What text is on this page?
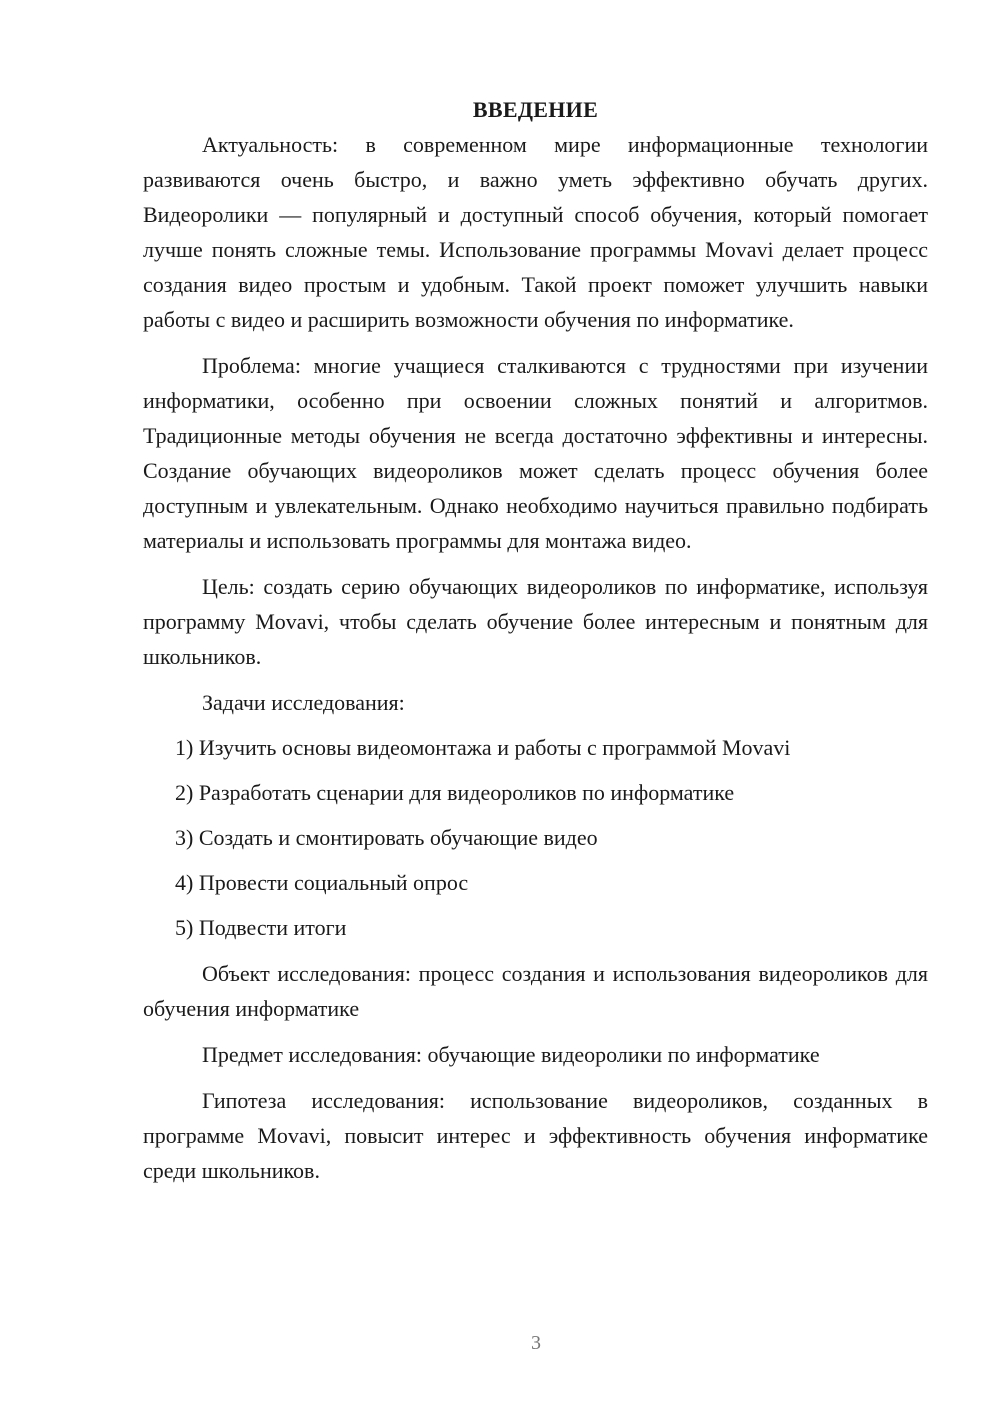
ВВЕДЕНИЕ

Актуальность: в современном мире информационные технологии развиваются очень быстро, и важно уметь эффективно обучать других. Видеоролики — популярный и доступный способ обучения, который помогает лучше понять сложные темы. Использование программы Movavi делает процесс создания видео простым и удобным. Такой проект поможет улучшить навыки работы с видео и расширить возможности обучения по информатике.

Проблема: многие учащиеся сталкиваются с трудностями при изучении информатики, особенно при освоении сложных понятий и алгоритмов. Традиционные методы обучения не всегда достаточно эффективны и интересны. Создание обучающих видеороликов может сделать процесс обучения более доступным и увлекательным. Однако необходимо научиться правильно подбирать материалы и использовать программы для монтажа видео.

Цель: создать серию обучающих видеороликов по информатике, используя программу Movavi, чтобы сделать обучение более интересным и понятным для школьников.

Задачи исследования:

1) Изучить основы видеомонтажа и работы с программой Movavi
2) Разработать сценарии для видеороликов по информатике
3) Создать и смонтировать обучающие видео
4) Провести социальный опрос
5) Подвести итоги

Объект исследования: процесс создания и использования видеороликов для обучения информатике

Предмет исследования: обучающие видеоролики по информатике

Гипотеза исследования: использование видеороликов, созданных в программе Movavi, повысит интерес и эффективность обучения информатике среди школьников.

3
